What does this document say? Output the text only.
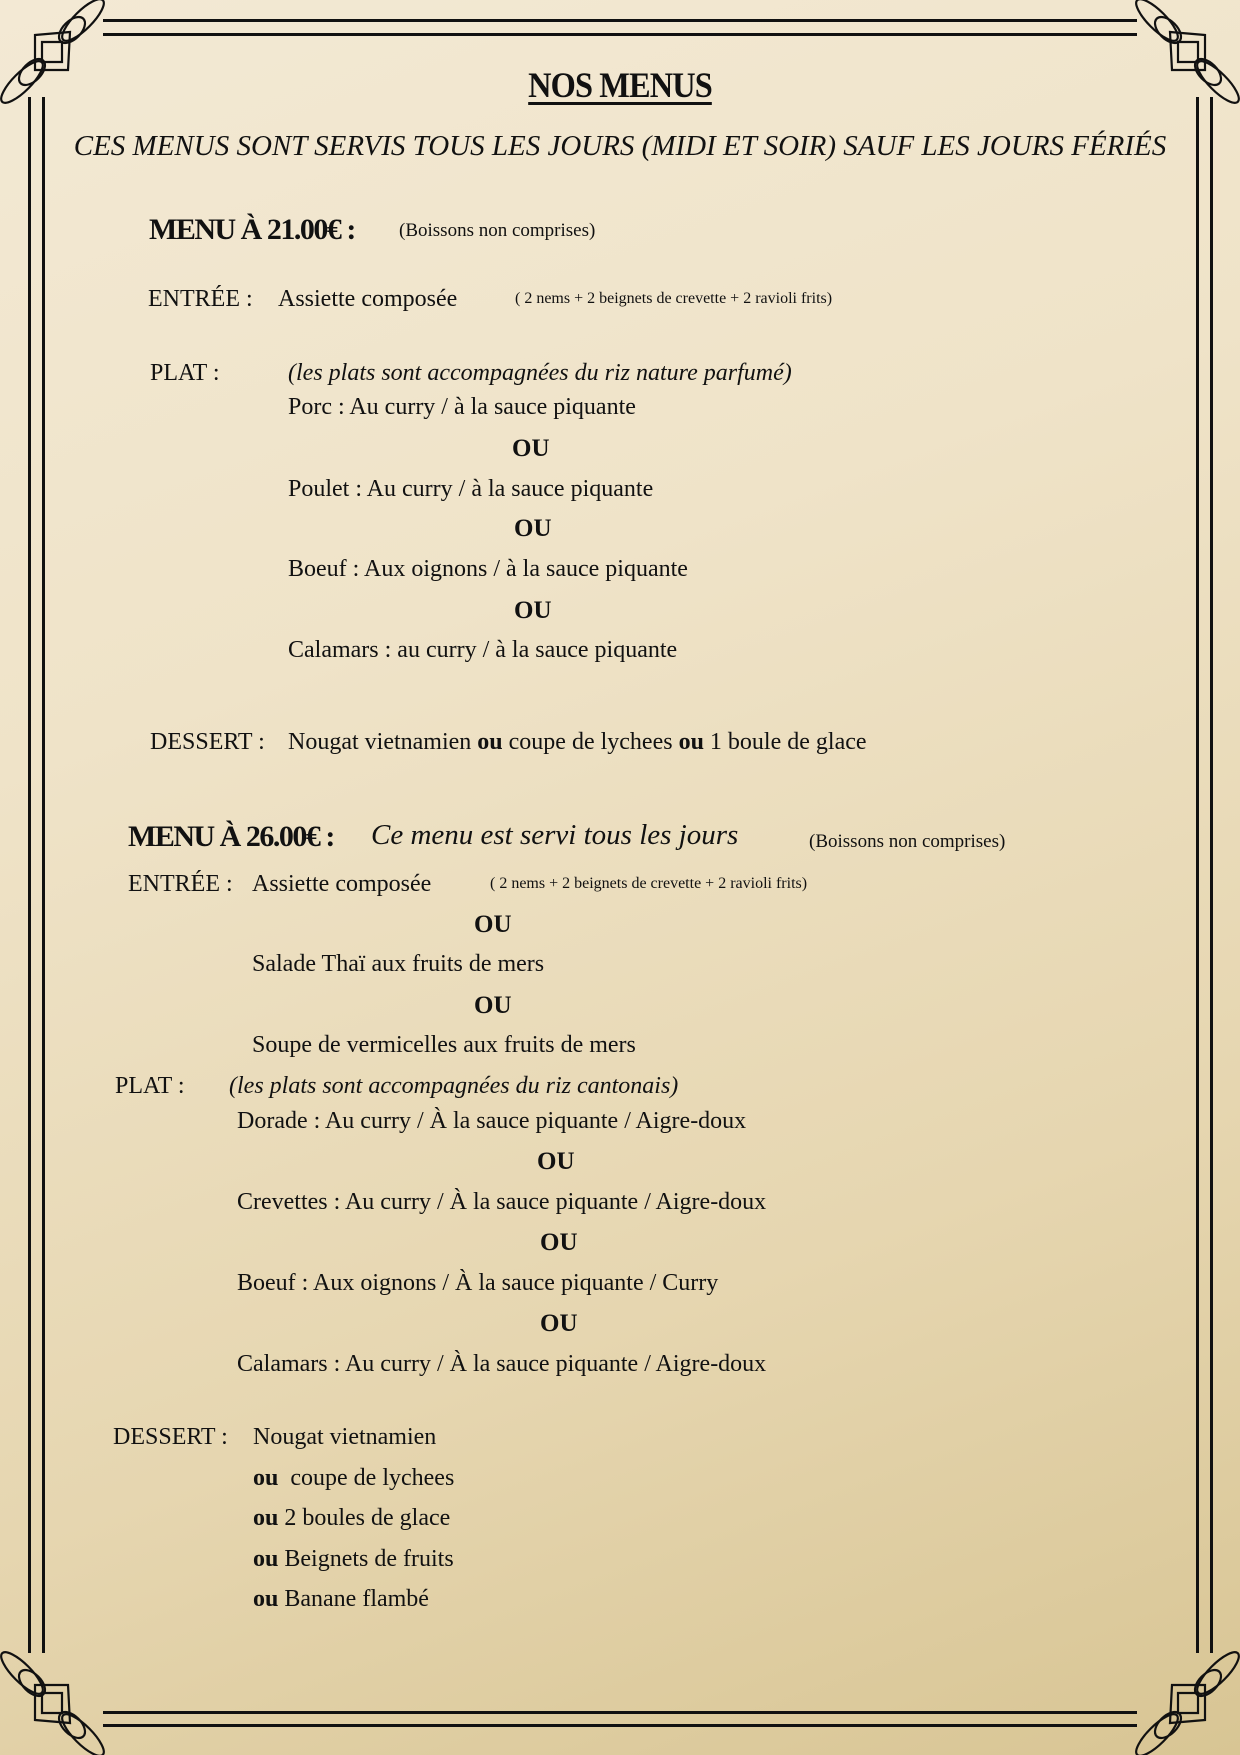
NOS MENUS
CES MENUS SONT SERVIS TOUS LES JOURS (MIDI ET SOIR) SAUF LES JOURS FÉRIÉS
MENU À 21.00€ : (Boissons non comprises)
ENTRÉE : Assiette composée	( 2 nems + 2 beignets de crevette + 2 ravioli frits)
PLAT :	(les plats sont accompagnées du riz nature parfumé)
Porc : Au curry / à la sauce piquante
OU
Poulet : Au curry / à la sauce piquante
OU
Boeuf : Aux oignons / à la sauce piquante
OU
Calamars : au curry / à la sauce piquante
DESSERT : Nougat vietnamien ou coupe de lychees ou 1 boule de glace
MENU À 26.00€ : Ce menu est servi tous les jours	(Boissons non comprises)
ENTRÉE : Assiette composée	( 2 nems + 2 beignets de crevette + 2 ravioli frits)
OU
Salade Thaï aux fruits de mers
OU
Soupe de vermicelles aux fruits de mers
PLAT : (les plats sont accompagnées du riz cantonais)
Dorade : Au curry / À la sauce piquante / Aigre-doux
OU
Crevettes : Au curry / À la sauce piquante / Aigre-doux
OU
Boeuf : Aux oignons / À la sauce piquante / Curry
OU
Calamars : Au curry / À la sauce piquante / Aigre-doux
DESSERT : Nougat vietnamien
ou coupe de lychees
ou 2 boules de glace
ou Beignets de fruits
ou Banane flambé
